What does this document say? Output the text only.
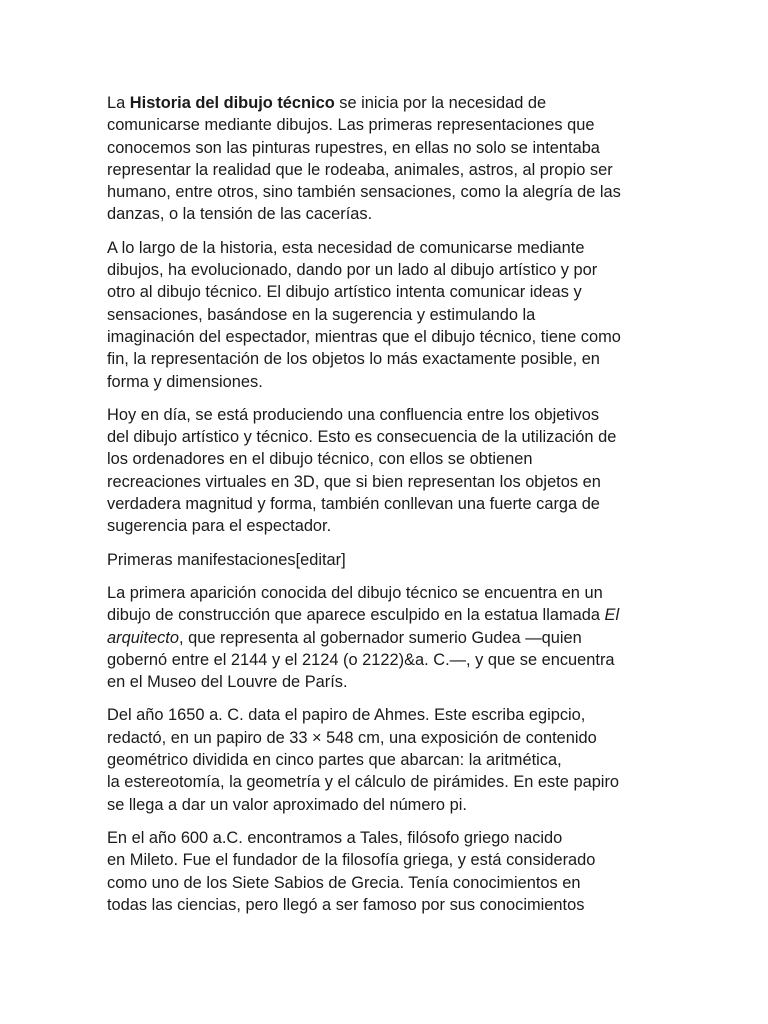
La Historia del dibujo técnico se inicia por la necesidad de
comunicarse mediante dibujos. Las primeras representaciones que
conocemos son las pinturas rupestres, en ellas no solo se intentaba
representar la realidad que le rodeaba, animales, astros, al propio ser
humano, entre otros, sino también sensaciones, como la alegría de las
danzas, o la tensión de las cacerías.

A lo largo de la historia, esta necesidad de comunicarse mediante
dibujos, ha evolucionado, dando por un lado al dibujo artístico y por
otro al dibujo técnico. El dibujo artístico intenta comunicar ideas y
sensaciones, basándose en la sugerencia y estimulando la
imaginación del espectador, mientras que el dibujo técnico, tiene como
fin, la representación de los objetos lo más exactamente posible, en
forma y dimensiones.

Hoy en día, se está produciendo una confluencia entre los objetivos
del dibujo artístico y técnico. Esto es consecuencia de la utilización de
los ordenadores en el dibujo técnico, con ellos se obtienen
recreaciones virtuales en 3D, que si bien representan los objetos en
verdadera magnitud y forma, también conllevan una fuerte carga de
sugerencia para el espectador.

Primeras manifestaciones[editar]

La primera aparición conocida del dibujo técnico se encuentra en un
dibujo de construcción que aparece esculpido en la estatua llamada El
arquitecto, que representa al gobernador sumerio Gudea —quien
gobernó entre el 2144 y el 2124 (o 2122)&a. C.—, y que se encuentra
en el Museo del Louvre de París.

Del año 1650 a. C. data el papiro de Ahmes. Este escriba egipcio,
redactó, en un papiro de 33 × 548 cm, una exposición de contenido
geométrico dividida en cinco partes que abarcan: la aritmética,
la estereotomía, la geometría y el cálculo de pirámides. En este papiro
se llega a dar un valor aproximado del número pi.

En el año 600 a.C. encontramos a Tales, filósofo griego nacido
en Mileto. Fue el fundador de la filosofía griega, y está considerado
como uno de los Siete Sabios de Grecia. Tenía conocimientos en
todas las ciencias, pero llegó a ser famoso por sus conocimientos
